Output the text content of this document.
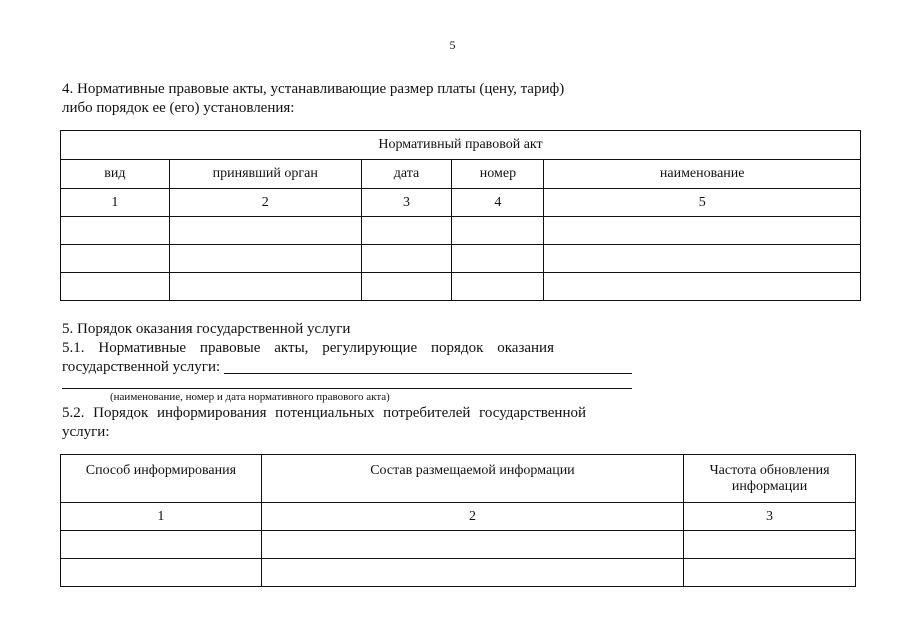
5

4. Нормативные правовые акты, устанавливающие размер платы (цену, тариф)
либо порядок ее (его) установления:

Нормативный правовой акт				
вид	принявший орган	дата	номер	наименование
1	2	3	4	5

5. Порядок оказания государственной услуги

5.1. Нормативные правовые акты, регулирующие порядок оказания

государственной услуги:

(наименование, номер и дата нормативного правового акта)

5.2. Порядок информирования потенциальных потребителей государственной

услуги:

Способ информирования	Состав размещаемой информации	Частота обновления информации
1	2	3
